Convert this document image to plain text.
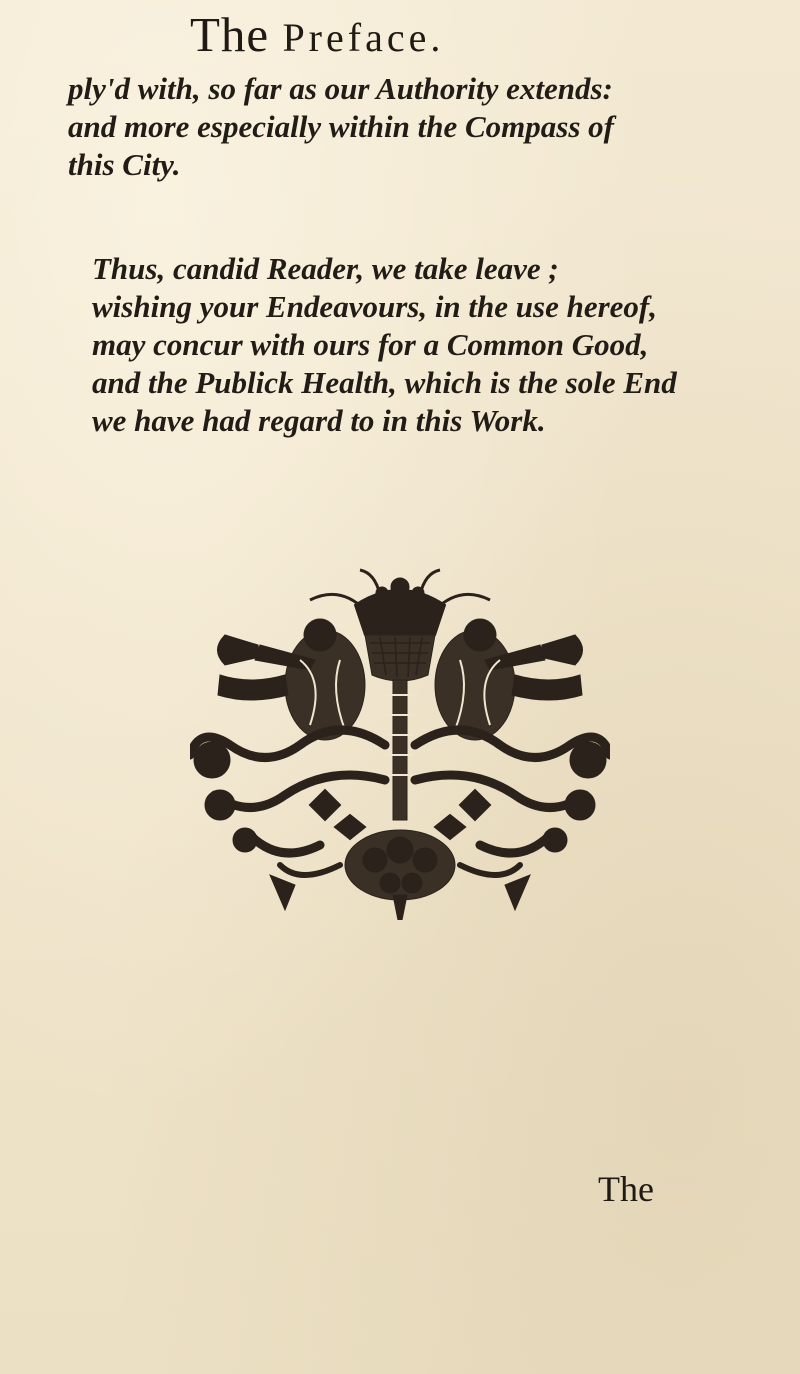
The Preface.
ply'd with, so far as our Authority extends:
and more especially within the Compass of
this City.
Thus, candid Reader, we take leave ;
wishing your Endeavours, in the use hereof,
may concur with ours for a Common Good,
and the Publick Health, which is the sole End
we have had regard to in this Work.
The
